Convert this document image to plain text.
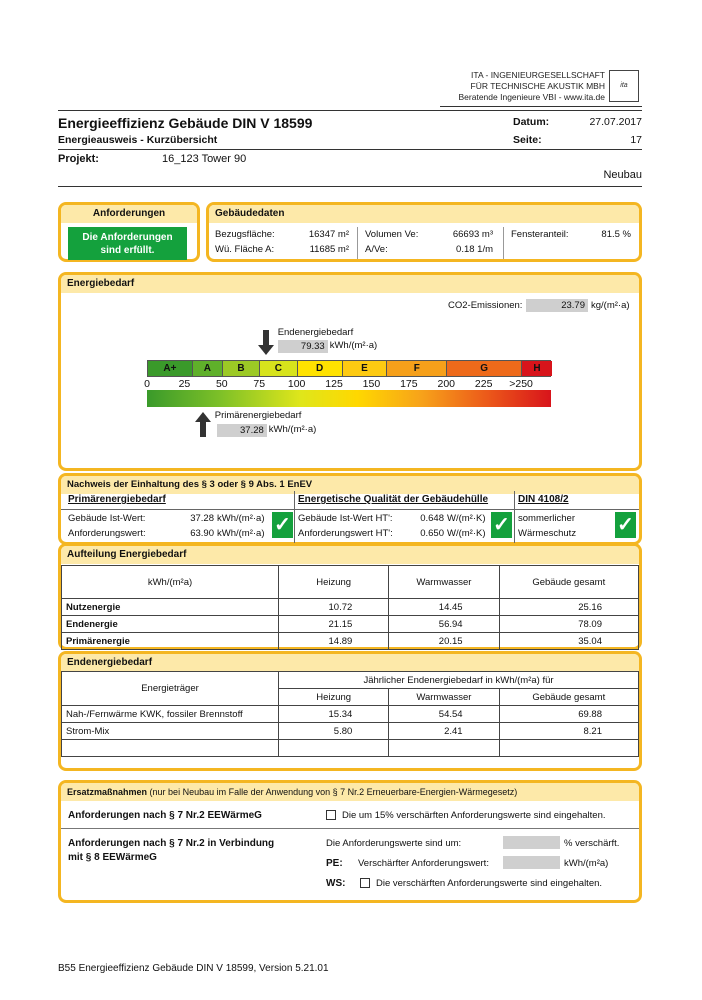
ITA - INGENIEURGESELLSCHAFT
FÜR TECHNISCHE AKUSTIK MBH
Beratende Ingenieure VBI - www.ita.de
ita
Energieeffizienz Gebäude DIN V 18599
Energieausweis - Kurzübersicht
Datum:	27.07.2017
Seite:	17
Projekt:	16_123 Tower 90
Neubau
Anforderungen
Die Anforderungen
sind erfüllt.
Gebäudedaten
Bezugsfläche:	16347 m²
Wü. Fläche A:	11685 m²
Volumen Ve:	66693 m³
A/Ve:	0.18 1/m
Fensteranteil:	81.5 %
Energiebedarf
CO2-Emissionen:	23.79 kg/(m²·a)
Endenergiebedarf
79.33 kWh/(m²·a)
A+	A	B	C	D	E	F	G	H
0	25 50 75 100 125 150 175 200 225 >250
Primärenergiebedarf
37.28 kWh/(m²·a)
Nachweis der Einhaltung des § 3 oder § 9 Abs. 1 EnEV
Primärenergiebedarf
Gebäude Ist-Wert:	37.28 kWh/(m²·a)
Anforderungswert:	63.90 kWh/(m²·a) ✓
Energetische Qualität der Gebäudehülle
Gebäude Ist-Wert HT':	0.648 W/(m²·K)
Anforderungswert HT':	0.650 W/(m²·K) ✓
DIN 4108/2
sommerlicher
Wärmeschutz ✓
Aufteilung Energiebedarf
kWh/(m²a)	Heizung	Warmwasser	Gebäude gesamt
Nutzenergie	10.72	14.45	25.16
Endenergie	21.15	56.94	78.09
Primärenergie	14.89	20.15	35.04
Endenergiebedarf
Energieträger	Jährlicher Endenergiebedarf in kWh/(m²a) für		
	Heizung	Warmwasser	Gebäude gesamt
Nah-/Fernwärme KWK, fossiler Brennstoff	15.34	54.54	69.88
Strom-Mix	5.80	2.41	8.21

Ersatzmaßnahmen (nur bei Neubau im Falle der Anwendung von § 7 Nr.2 Erneuerbare-Energien-Wärmegesetz)
Anforderungen nach § 7 Nr.2 EEWärmeG	Die um 15% verschärften Anforderungswerte sind eingehalten.
Anforderungen nach § 7 Nr.2 in Verbindung
mit § 8 EEWärmeG
Die Anforderungswerte sind um:	% verschärft.
PE: Verschärfter Anforderungswert:	kWh/(m²a)
WS:	Die verschärften Anforderungswerte sind eingehalten.
B55 Energieeffizienz Gebäude DIN V 18599, Version 5.21.01
